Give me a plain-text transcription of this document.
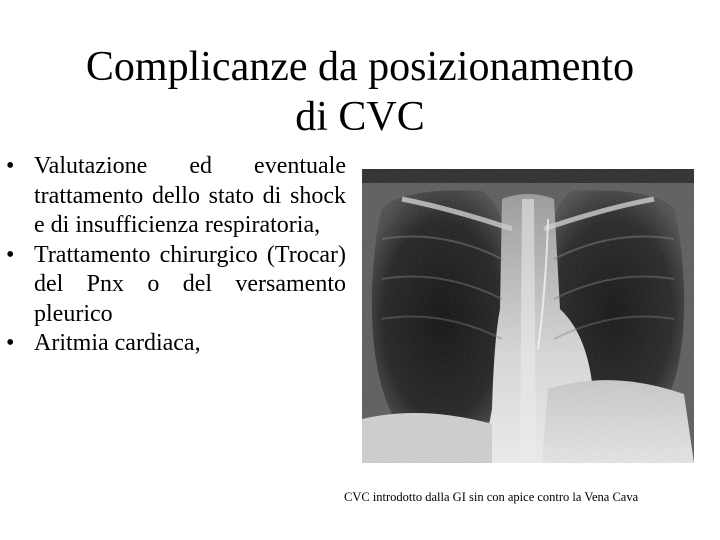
Complicanze da posizionamento
di CVC
• Valutazione ed eventuale trattamento dello stato di shock e di insufficienza respiratoria,
• Trattamento chirurgico (Trocar) del Pnx o del versamento pleurico
• Aritmia cardiaca,
CVC introdotto dalla GI sin con apice contro la Vena Cava
